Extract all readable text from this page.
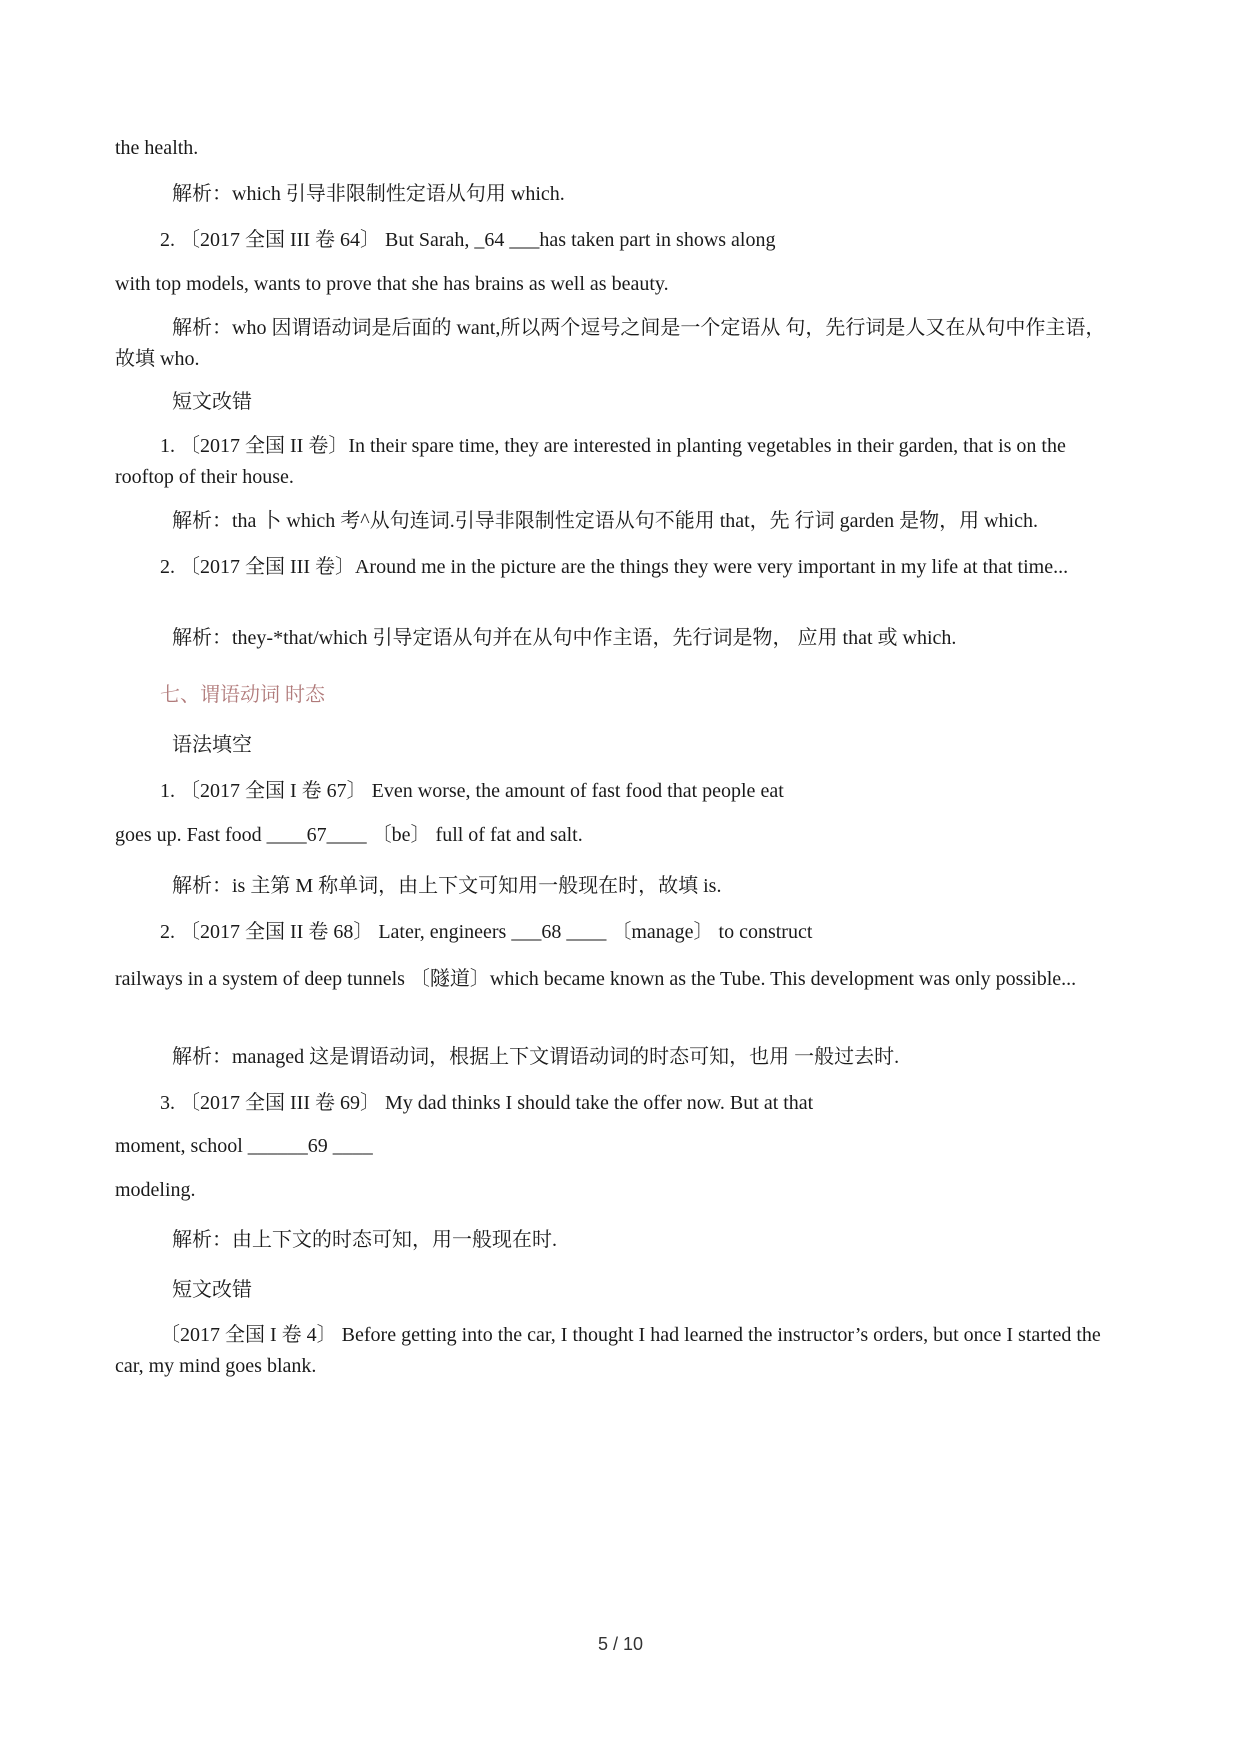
the health.
解析：which 引导非限制性定语从句用 which.
2. 〔2017 全国 III 卷 64〕 But Sarah, _64 ___has taken part in shows along
with top models, wants to prove that she has brains as well as beauty.
解析：who 因谓语动词是后面的 want,所以两个逗号之间是一个定语从 句，先行词是人又在从句中作主语，故填 who.
短文改错
1. 〔2017 全国 II 卷〕In their spare time, they are interested in planting vegetables in their garden, that is on the rooftop of their house.
解析：tha 卜 which 考^从句连词.引导非限制性定语从句不能用 that，先 行词 garden 是物，用 which.
2. 〔2017 全国 III 卷〕Around me in the picture are the things they were very important in my life at that time...
解析：they-*that/which 引导定语从句并在从句中作主语，先行词是物， 应用 that 或 which.
七、谓语动词 时态
语法填空
1. 〔2017 全国 I 卷 67〕 Even worse, the amount of fast food that people eat
goes up. Fast food ____67____ 〔be〕 full of fat and salt.
解析：is 主第 M 称单词，由上下文可知用一般现在时，故填 is.
2. 〔2017 全国 II 卷 68〕 Later, engineers ___68 ____ 〔manage〕 to construct
railways in a system of deep tunnels 〔隧道〕which became known as the Tube. This development was only possible...
解析：managed 这是谓语动词，根据上下文谓语动词的时态可知，也用 一般过去时.
3. 〔2017 全国 III 卷 69〕 My dad thinks I should take the offer now. But at that
moment, school ______69 ____
modeling.
解析：由上下文的时态可知，用一般现在时.
短文改错
〔2017 全国 I 卷 4〕 Before getting into the car, I thought I had learned the instructor’s orders, but once I started the car, my mind goes blank.
5 / 10
